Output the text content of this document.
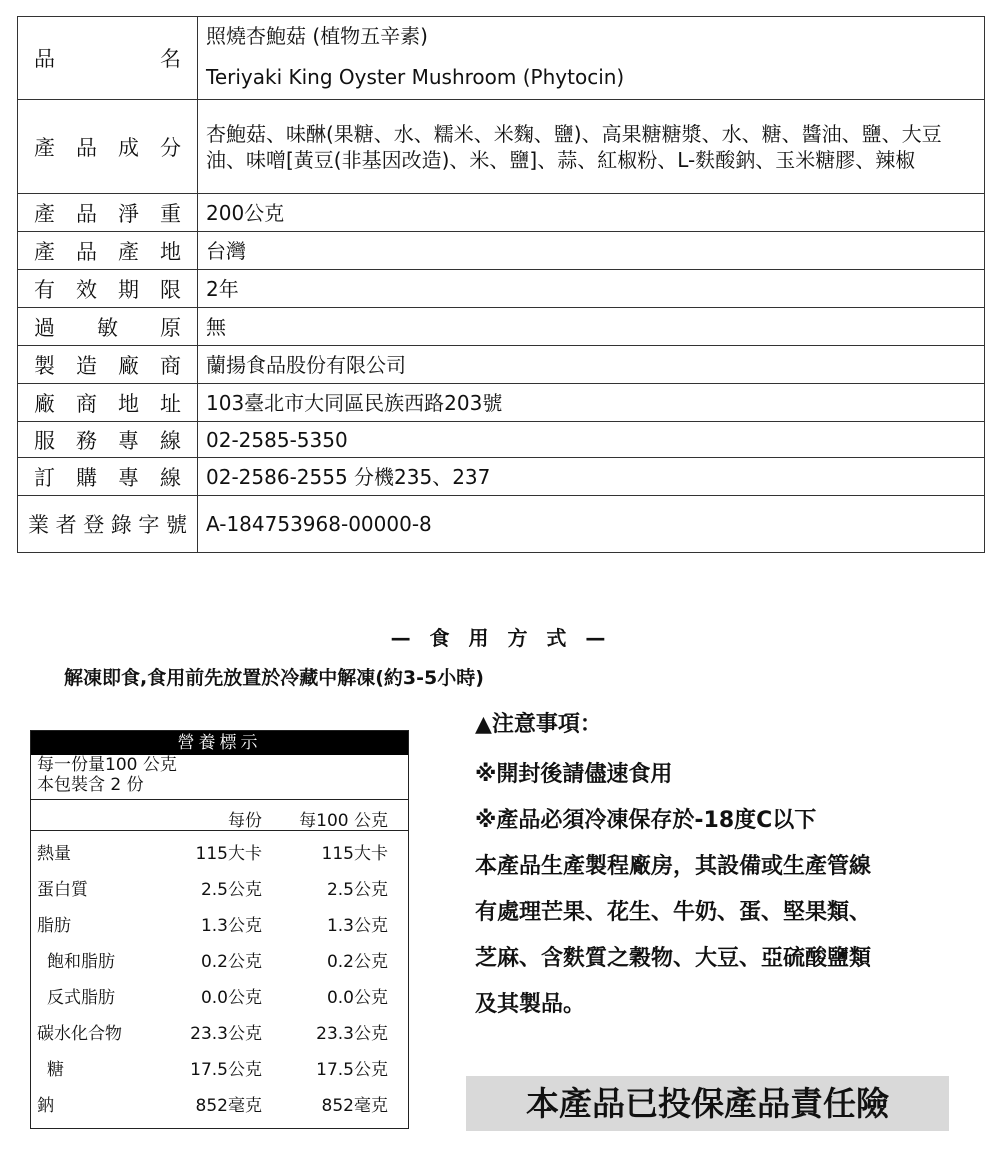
品　　名	照燒杏鮑菇 (植物五辛素)
Teriyaki King Oyster Mushroom (Phytocin)

產品成分	杏鮑菇、味醂(果糖、水、糯米、米麴、鹽)、高果糖糖漿、水、糖、醬油、鹽、大豆油、味噌[黃豆(非基因改造)、米、鹽]、蒜、紅椒粉、L-麩酸鈉、玉米糖膠、辣椒
產品淨重	200公克
產品產地	台灣
有效期限	2年
過　敏　原	無
製造廠商	蘭揚食品股份有限公司
廠商地址	103臺北市大同區民族西路203號
服務專線	02-2585-5350
訂購專線	02-2586-2555 分機235、237
業者登錄字號	A-184753968-00000-8
— 食 用 方 式 —
解凍即食,食用前先放置於冷藏中解凍(約3-5小時)
營養標示
每一份量100 公克
本包裝含 2 份
每份 每100 公克
熱量	115大卡	115大卡
蛋白質	2.5公克	2.5公克
脂肪	1.3公克	1.3公克
飽和脂肪	0.2公克	0.2公克
反式脂肪	0.0公克	0.0公克
碳水化合物	23.3公克	23.3公克
糖	17.5公克	17.5公克
鈉	852毫克	852毫克
▲注意事項：
※開封後請儘速食用
※產品必須冷凍保存於-18度C以下
本產品生產製程廠房，其設備或生產管線
有處理芒果、花生、牛奶、蛋、堅果類、
芝麻、含麩質之穀物、大豆、亞硫酸鹽類
及其製品。
本產品已投保產品責任險
